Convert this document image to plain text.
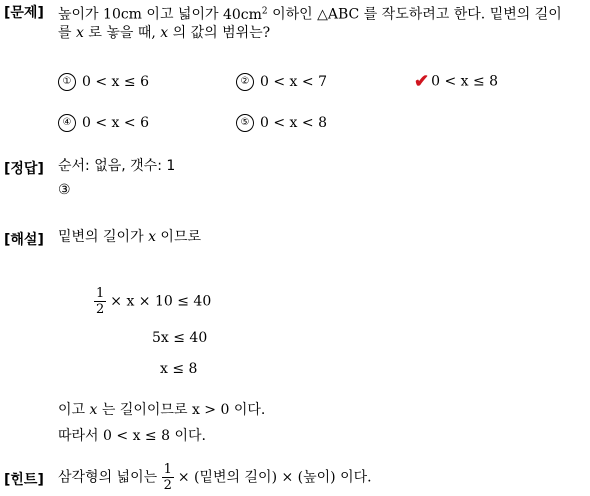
[문제] 높이가 10cm 이고 넓이가 $40cm^2$ 이하인 △ABC 를 작도하려고 한다. 밑변의 길이
를 x 로 놓을 때, x 의 값의 범위는?
① 0 < x ≤ 6	② 0 < x < 7	✔ 0 < x ≤ 8
④ 0 < x < 6	⑤ 0 < x < 8
[정답] 순서: 없음, 갯수: 1
③
[해설] 밑변의 길이가 x 이므로
$\frac{1}{2} \times x \times 10 \le 40$
5x ≤ 40
x ≤ 8
이고 x 는 길이이므로 x > 0 이다.
따라서 0 < x ≤ 8 이다.
[힌트] 삼각형의 넓이는 $\frac{1}{2}$ × (밑변의 길이) × (높이) 이다.
